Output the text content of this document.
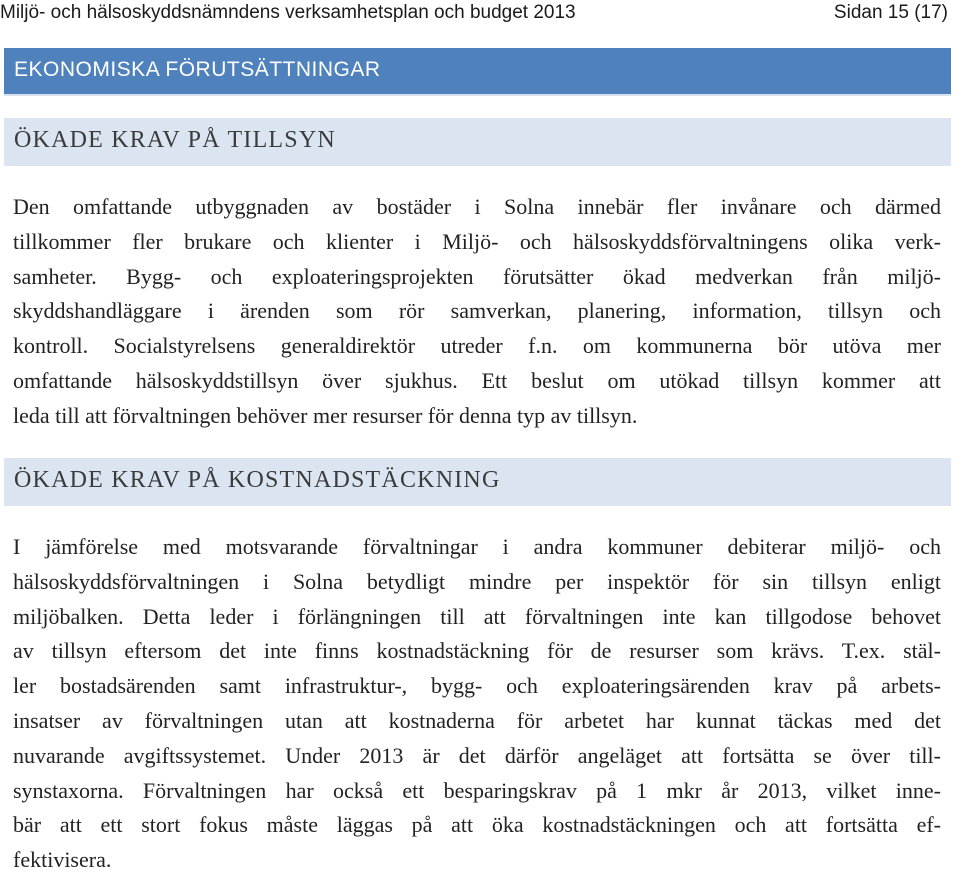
Miljö- och hälsoskyddsnämndens verksamhetsplan och budget 2013	Sidan 15 (17)
EKONOMISKA FÖRUTSÄTTNINGAR
ÖKADE KRAV PÅ TILLSYN
Den omfattande utbyggnaden av bostäder i Solna innebär fler invånare och därmed
tillkommer fler brukare och klienter i Miljö- och hälsoskyddsförvaltningens olika verk-
samheter. Bygg- och exploateringsprojekten förutsätter ökad medverkan från miljö-
skyddshandläggare i ärenden som rör samverkan, planering, information, tillsyn och
kontroll. Socialstyrelsens generaldirektör utreder f.n. om kommunerna bör utöva mer
omfattande hälsoskyddstillsyn över sjukhus. Ett beslut om utökad tillsyn kommer att
leda till att förvaltningen behöver mer resurser för denna typ av tillsyn.
ÖKADE KRAV PÅ KOSTNADSTÄCKNING
I jämförelse med motsvarande förvaltningar i andra kommuner debiterar miljö- och
hälsoskyddsförvaltningen i Solna betydligt mindre per inspektör för sin tillsyn enligt
miljöbalken. Detta leder i förlängningen till att förvaltningen inte kan tillgodose behovet
av tillsyn eftersom det inte finns kostnadstäckning för de resurser som krävs. T.ex. stäl-
ler bostadsärenden samt infrastruktur-, bygg- och exploateringsärenden krav på arbets-
insatser av förvaltningen utan att kostnaderna för arbetet har kunnat täckas med det
nuvarande avgiftssystemet. Under 2013 är det därför angeläget att fortsätta se över till-
synstaxorna. Förvaltningen har också ett besparingskrav på 1 mkr år 2013, vilket inne-
bär att ett stort fokus måste läggas på att öka kostnadstäckningen och att fortsätta ef-
fektivisera.
